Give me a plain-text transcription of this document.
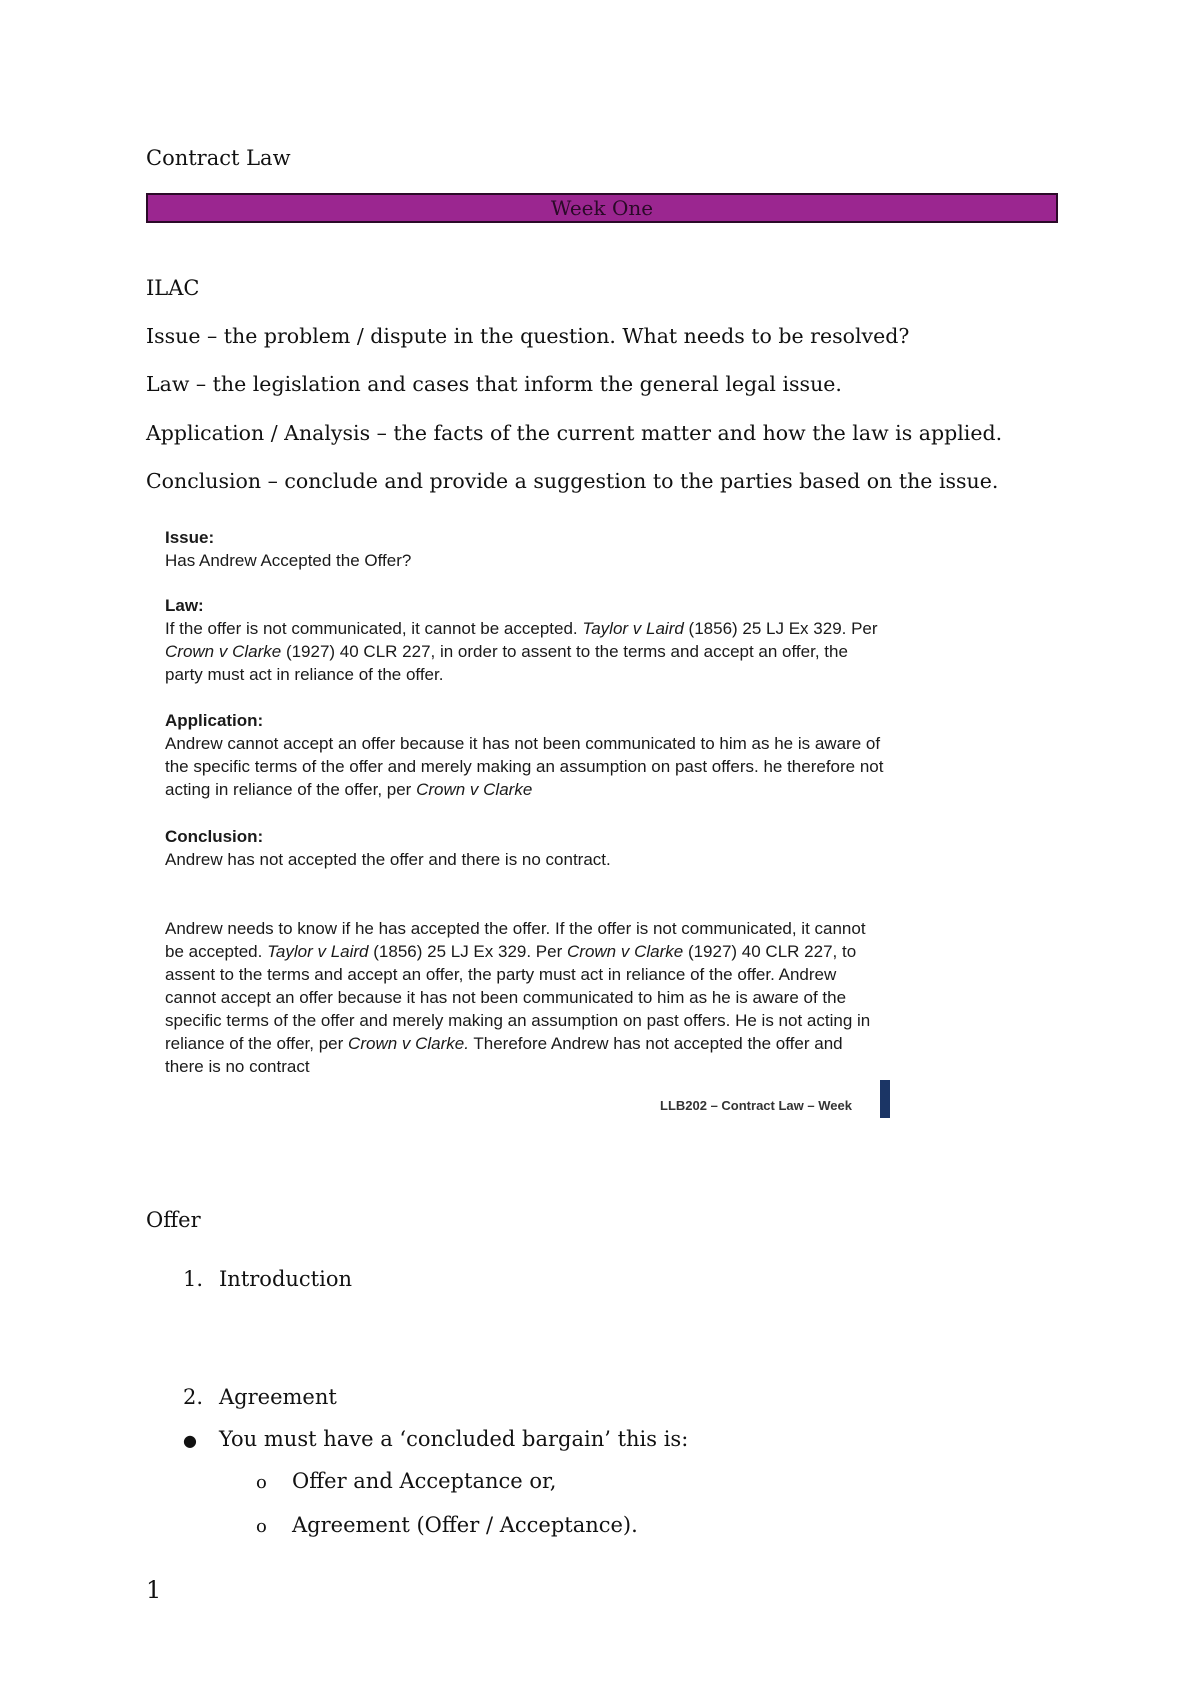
Contract Law
Week One
ILAC
Issue – the problem / dispute in the question. What needs to be resolved?
Law – the legislation and cases that inform the general legal issue.
Application / Analysis – the facts of the current matter and how the law is applied.
Conclusion – conclude and provide a suggestion to the parties based on the issue.
Issue:
Has Andrew Accepted the Offer?
Law:
If the offer is not communicated, it cannot be accepted. Taylor v Laird (1856) 25 LJ Ex 329. Per Crown v Clarke (1927) 40 CLR 227, in order to assent to the terms and accept an offer, the party must act in reliance of the offer.
Application:
Andrew cannot accept an offer because it has not been communicated to him as he is aware of the specific terms of the offer and merely making an assumption on past offers. he therefore not acting in reliance of the offer, per Crown v Clarke
Conclusion:
Andrew has not accepted the offer and there is no contract.
Andrew needs to know if he has accepted the offer. If the offer is not communicated, it cannot be accepted. Taylor v Laird (1856) 25 LJ Ex 329. Per Crown v Clarke (1927) 40 CLR 227, to assent to the terms and accept an offer, the party must act in reliance of the offer. Andrew cannot accept an offer because it has not been communicated to him as he is aware of the specific terms of the offer and merely making an assumption on past offers. He is not acting in reliance of the offer, per Crown v Clarke. Therefore Andrew has not accepted the offer and there is no contract
LLB202 – Contract Law – Week
Offer
1. Introduction
2. Agreement
● You must have a ‘concluded bargain’ this is:
o Offer and Acceptance or,
o Agreement (Offer / Acceptance).
1
